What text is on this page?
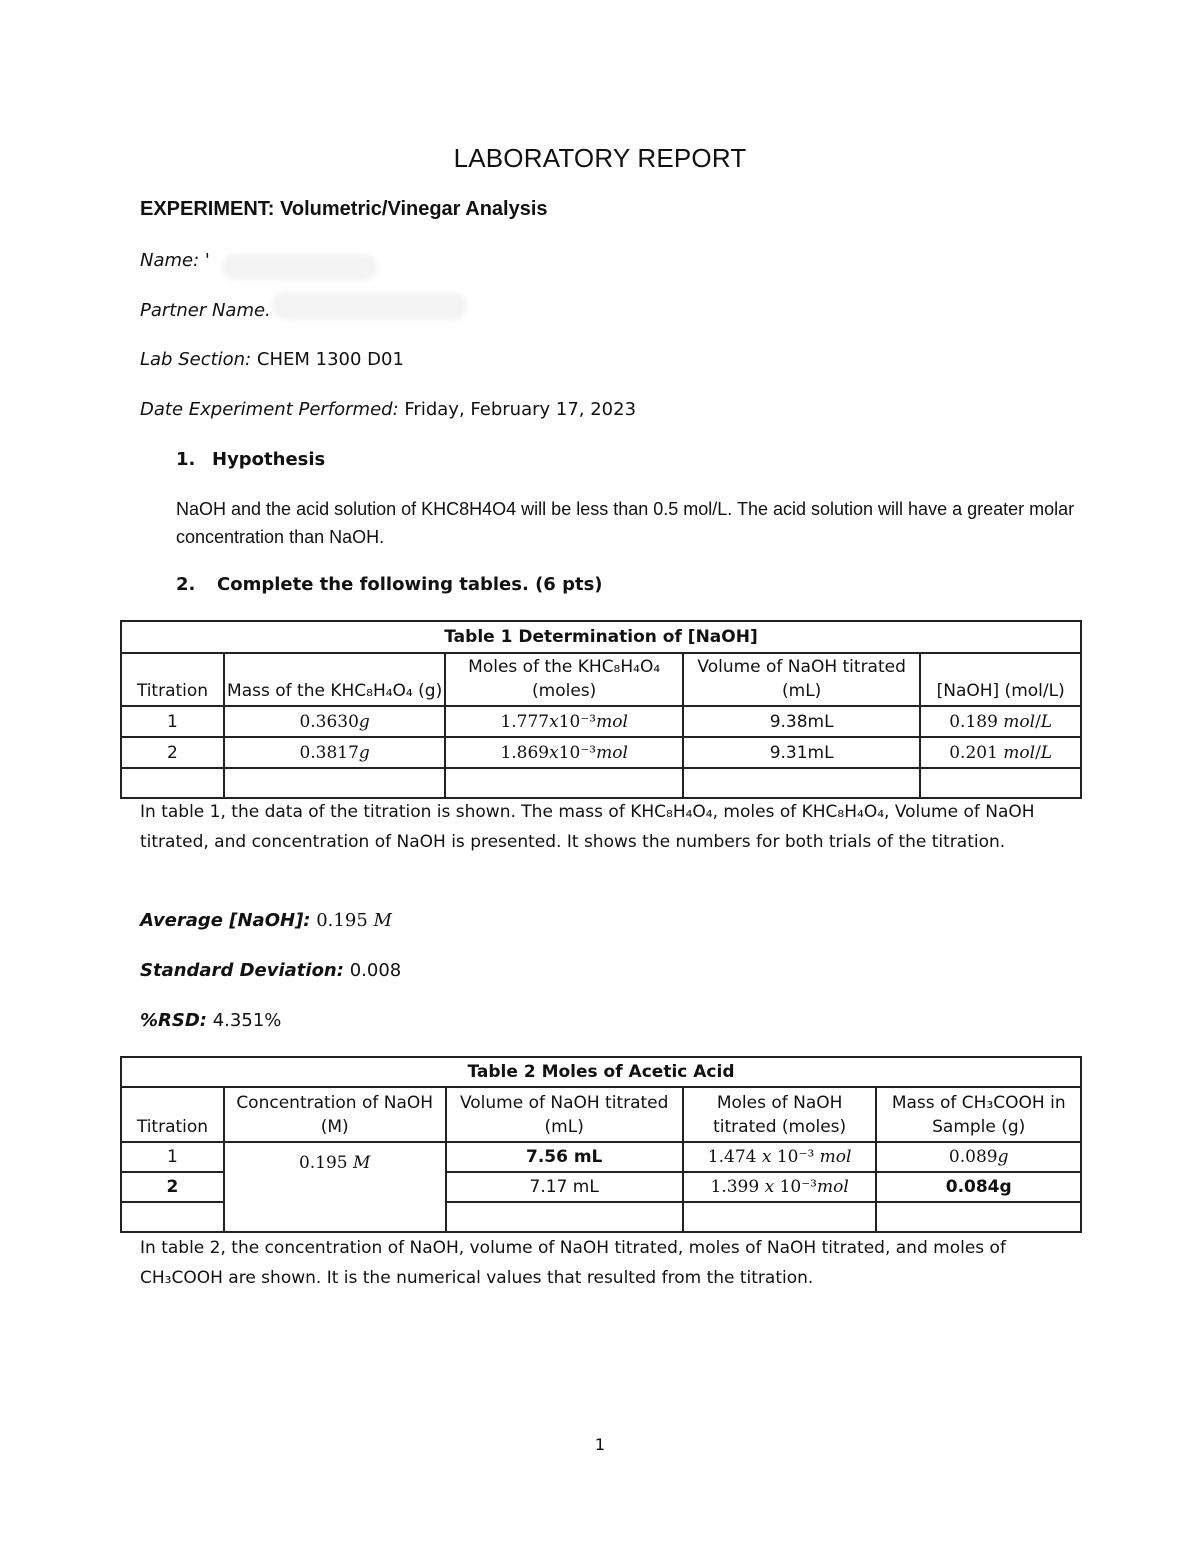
LABORATORY REPORT
EXPERIMENT: Volumetric/Vinegar Analysis
Name: '
Partner Name.
Lab Section: CHEM 1300 D01
Date Experiment Performed: Friday, February 17, 2023
1. Hypothesis
NaOH and the acid solution of KHC8H4O4 will be less than 0.5 mol/L. The acid solution will have a greater molar concentration than NaOH.
2. Complete the following tables. (6 pts)
Table 1 Determination of [NaOH]				
Titration	Mass of the KHC₈H₄O₄ (g)	Moles of the KHC₈H₄O₄ (moles)	Volume of NaOH titrated (mL)	[NaOH] (mol/L)
1	0.3630𝑔	1.777𝑥10⁻³𝑚𝑜𝑙	9.38mL	0.189 𝑚𝑜𝑙/𝐿
2	0.3817𝑔	1.869𝑥10⁻³𝑚𝑜𝑙	9.31mL	0.201 𝑚𝑜𝑙/𝐿

In table 1, the data of the titration is shown. The mass of KHC₈H₄O₄, moles of KHC₈H₄O₄, Volume of NaOH titrated, and concentration of NaOH is presented. It shows the numbers for both trials of the titration.
Average [NaOH]: 0.195 𝑀
Standard Deviation: 0.008
%RSD: 4.351%
Table 2 Moles of Acetic Acid				
Titration	Concentration of NaOH (M)	Volume of NaOH titrated (mL)	Moles of NaOH titrated (moles)	Mass of CH₃COOH in Sample (g)
1	0.195 𝑀	7.56 mL	1.474 𝑥 10⁻³ 𝑚𝑜𝑙	0.089𝑔
2		7.17 mL	1.399 𝑥 10⁻³𝑚𝑜𝑙	0.084g

In table 2, the concentration of NaOH, volume of NaOH titrated, moles of NaOH titrated, and moles of CH₃COOH are shown. It is the numerical values that resulted from the titration.
1
